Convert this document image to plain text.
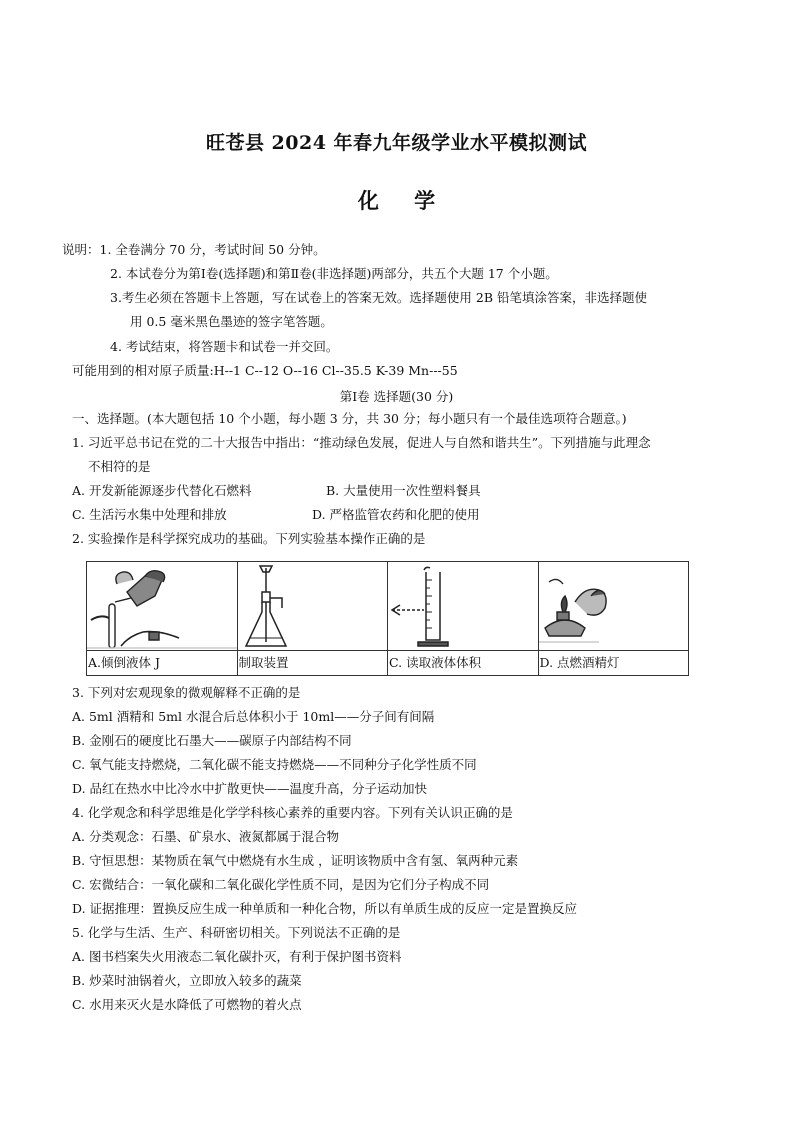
旺苍县 2024 年春九年级学业水平模拟测试
化 学
说明：1. 全卷满分 70 分，考试时间 50 分钟。
2. 本试卷分为第Ⅰ卷(选择题)和第Ⅱ卷(非选择题)两部分，共五个大题 17 个小题。
3.考生必须在答题卡上答题，写在试卷上的答案无效。选择题使用 2B 铅笔填涂答案，非选择题使
用 0.5 毫米黑色墨迹的签字笔答题。
4. 考试结束，将答题卡和试卷一并交回。
可能用到的相对原子质量:H--1 C--12 O--16 Cl--35.5 K-39 Mn---55
第Ⅰ卷 选择题(30 分)
一、选择题。(本大题包括 10 个小题，每小题 3 分，共 30 分；每小题只有一个最佳选项符合题意。)
1. 习近平总书记在党的二十大报告中指出：“推动绿色发展，促进人与自然和谐共生”。下列措施与此理念
不相符的是
A. 开发新能源逐步代替化石燃料	B. 大量使用一次性塑料餐具
C. 生活污水集中处理和排放	D. 严格监管农药和化肥的使用
2. 实验操作是科学探究成功的基础。下列实验基本操作正确的是
A.倾倒液体 J	制取装置	C. 读取液体体积	D. 点燃酒精灯
3. 下列对宏观现象的微观解释不正确的是
A. 5ml 酒精和 5ml 水混合后总体积小于 10ml——分子间有间隔
B. 金刚石的硬度比石墨大——碳原子内部结构不同
C. 氧气能支持燃烧，二氧化碳不能支持燃烧——不同种分子化学性质不同
D. 品红在热水中比冷水中扩散更快——温度升高，分子运动加快
4. 化学观念和科学思维是化学学科核心素养的重要内容。下列有关认识正确的是
A. 分类观念：石墨、矿泉水、液氮都属于混合物
B. 守恒思想：某物质在氧气中燃烧有水生成 ，证明该物质中含有氢、氧两种元素
C. 宏微结合：一氧化碳和二氧化碳化学性质不同，是因为它们分子构成不同
D. 证据推理：置换反应生成一种单质和一种化合物，所以有单质生成的反应一定是置换反应
5. 化学与生活、生产、科研密切相关。下列说法不正确的是
A. 图书档案失火用液态二氧化碳扑灭，有利于保护图书资料
B. 炒菜时油锅着火，立即放入较多的蔬菜
C. 水用来灭火是水降低了可燃物的着火点
